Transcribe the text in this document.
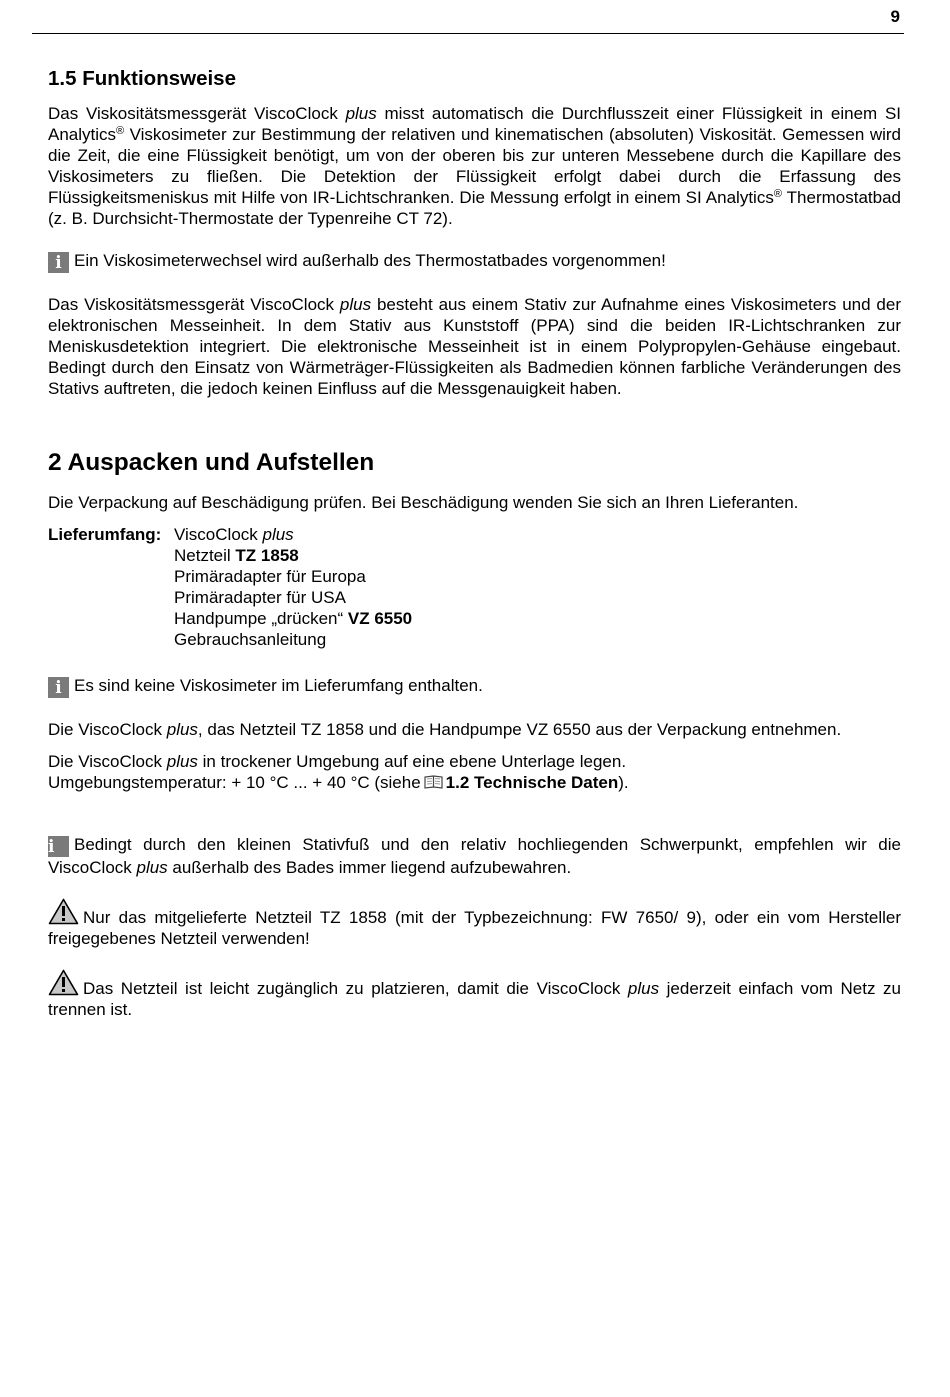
9
1.5 Funktionsweise

Das Viskositätsmessgerät ViscoClock plus misst automatisch die Durchflusszeit einer Flüssigkeit in einem SI Analytics® Viskosimeter zur Bestimmung der relativen und kinematischen (absoluten) Viskosität. Gemessen wird die Zeit, die eine Flüssigkeit benötigt, um von der oberen bis zur unteren Messebene durch die Kapillare des Viskosimeters zu fließen. Die Detektion der Flüssigkeit erfolgt dabei durch die Erfassung des Flüssigkeitsmeniskus mit Hilfe von IR-Lichtschranken. Die Messung erfolgt in einem SI Analytics® Thermostatbad (z. B. Durchsicht-Thermostate der Typenreihe CT 72).

i Ein Viskosimeterwechsel wird außerhalb des Thermostatbades vorgenommen!

Das Viskositätsmessgerät ViscoClock plus besteht aus einem Stativ zur Aufnahme eines Viskosimeters und der elektronischen Messeinheit. In dem Stativ aus Kunststoff (PPA) sind die beiden IR-Lichtschranken zur Meniskusdetektion integriert. Die elektronische Messeinheit ist in einem Polypropylen-Gehäuse eingebaut. Bedingt durch den Einsatz von Wärmeträger-Flüssigkeiten als Badmedien können farbliche Veränderungen des Stativs auftreten, die jedoch keinen Einfluss auf die Messgenauigkeit haben.

2 Auspacken und Aufstellen

Die Verpackung auf Beschädigung prüfen. Bei Beschädigung wenden Sie sich an Ihren Lieferanten.

Lieferumfang: ViscoClock plus
Netzteil TZ 1858
Primäradapter für Europa
Primäradapter für USA
Handpumpe „drücken“ VZ 6550
Gebrauchsanleitung

i Es sind keine Viskosimeter im Lieferumfang enthalten.

Die ViscoClock plus, das Netzteil TZ 1858 und die Handpumpe VZ 6550 aus der Verpackung entnehmen.

Die ViscoClock plus in trockener Umgebung auf eine ebene Unterlage legen.
Umgebungstemperatur: + 10 °C ... + 40 °C (siehe 1.2 Technische Daten).

i Bedingt durch den kleinen Stativfuß und den relativ hochliegenden Schwerpunkt, empfehlen wir die ViscoClock plus außerhalb des Bades immer liegend aufzubewahren.

Nur das mitgelieferte Netzteil TZ 1858 (mit der Typbezeichnung: FW 7650/ 9), oder ein vom Hersteller freigegebenes Netzteil verwenden!

Das Netzteil ist leicht zugänglich zu platzieren, damit die ViscoClock plus jederzeit einfach vom Netz zu trennen ist.
